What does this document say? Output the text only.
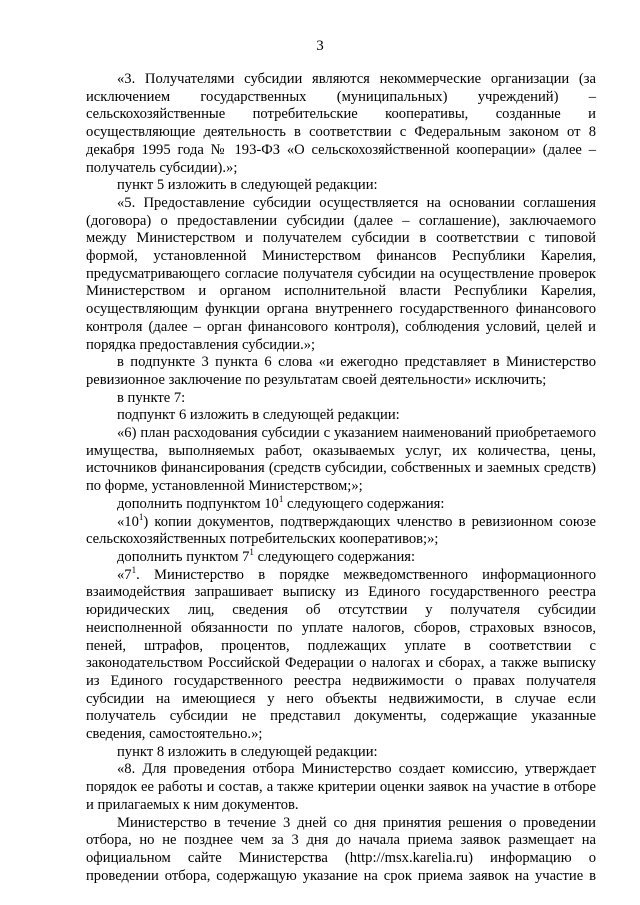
3

«3. Получателями субсидии являются некоммерческие организации (за исключением государственных (муниципальных) учреждений) – сельскохозяйственные потребительские кооперативы, созданные и осуществляющие деятельность в соответствии с Федеральным законом от 8 декабря 1995 года № 193-ФЗ «О сельскохозяйственной кооперации» (далее – получатель субсидии).»;

пункт 5 изложить в следующей редакции:

«5. Предоставление субсидии осуществляется на основании соглашения (договора) о предоставлении субсидии (далее – соглашение), заключаемого между Министерством и получателем субсидии в соответствии с типовой формой, установленной Министерством финансов Республики Карелия, предусматривающего согласие получателя субсидии на осуществление проверок Министерством и органом исполнительной власти Республики Карелия, осуществляющим функции органа внутреннего государственного финансового контроля (далее – орган финансового контроля), соблюдения условий, целей и порядка предоставления субсидии.»;

в подпункте 3 пункта 6 слова «и ежегодно представляет в Министерство ревизионное заключение по результатам своей деятельности» исключить;

в пункте 7:

подпункт 6 изложить в следующей редакции:

«6) план расходования субсидии с указанием наименований приобретаемого имущества, выполняемых работ, оказываемых услуг, их количества, цены, источников финансирования (средств субсидии, собственных и заемных средств) по форме, установленной Министерством;»;

дополнить подпунктом $10^1$ следующего содержания:

«$10^1$) копии документов, подтверждающих членство в ревизионном союзе сельскохозяйственных потребительских кооперативов;»;

дополнить пунктом $7^1$ следующего содержания:

«$7^1$. Министерство в порядке межведомственного информационного взаимодействия запрашивает выписку из Единого государственного реестра юридических лиц, сведения об отсутствии у получателя субсидии неисполненной обязанности по уплате налогов, сборов, страховых взносов, пеней, штрафов, процентов, подлежащих уплате в соответствии с законодательством Российской Федерации о налогах и сборах, а также выписку из Единого государственного реестра недвижимости о правах получателя субсидии на имеющиеся у него объекты недвижимости, в случае если получатель субсидии не представил документы, содержащие указанные сведения, самостоятельно.»;

пункт 8 изложить в следующей редакции:

«8. Для проведения отбора Министерство создает комиссию, утверждает порядок ее работы и состав, а также критерии оценки заявок на участие в отборе и прилагаемых к ним документов.

Министерство в течение 3 дней со дня принятия решения о проведении отбора, но не позднее чем за 3 дня до начала приема заявок размещает на официальном сайте Министерства (http://msx.karelia.ru) информацию о проведении отбора, содержащую указание на срок приема заявок на участие в
